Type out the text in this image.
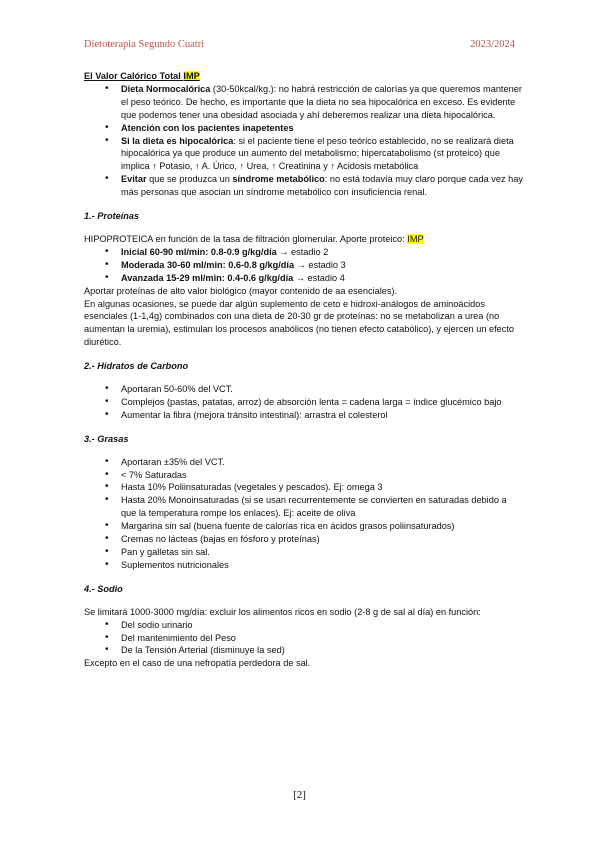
Dietoterapia Segundo Cuatri	2023/2024

El Valor Calórico Total IMP

• Dieta Normocalórica (30-50kcal/kg.): no habrá restricción de calorías ya que queremos mantener el peso teórico. De hecho, es importante que la dieta no sea hipocalórica en exceso. Es evidente que podemos tener una obesidad asociada y ahí deberemos realizar una dieta hipocalórica.
• Atención con los pacientes inapetentes
• Si la dieta es hipocalórica: si el paciente tiene el peso teórico establecido, no se realizará dieta hipocalórica ya que produce un aumento del metabolismo; hipercatabolismo (st proteico) que implica ↑ Potasio, ↑ A. Úrico, ↑ Urea, ↑ Creatinina y ↑ Acidosis metabólica
• Evitar que se produzca un síndrome metabólico: no está todavía muy claro porque cada vez hay más personas que asocian un síndrome metabólico con insuficiencia renal.

1.- Proteínas

HIPOPROTEICA en función de la tasa de filtración glomerular. Aporte proteico: IMP

• Inicial 60-90 ml/min: 0.8-0.9 g/kg/día → estadio 2
• Moderada 30-60 ml/min: 0.6-0.8 g/kg/día → estadio 3
• Avanzada 15-29 ml/min: 0.4-0.6 g/kg/día → estadio 4

Aportar proteínas de alto valor biológico (mayor contenido de aa esenciales).

En algunas ocasiones, se puede dar algún suplemento de ceto e hidroxi-análogos de aminoácidos esenciales (1-1,4g) combinados con una dieta de 20-30 gr de proteínas: no se metabolizan a urea (no aumentan la uremia), estimulan los procesos anabólicos (no tienen efecto catabólico), y ejercen un efecto diurético.

2.- Hidratos de Carbono

• Aportaran 50-60% del VCT.
• Complejos (pastas, patatas, arroz) de absorción lenta = cadena larga = índice glucémico bajo
• Aumentar la fibra (mejora tránsito intestinal): arrastra el colesterol

3.- Grasas

• Aportaran ±35% del VCT.
• < 7% Saturadas
• Hasta 10% Poliinsaturadas (vegetales y pescados). Ej: omega 3
• Hasta 20% Monoinsaturadas (si se usan recurrentemente se convierten en saturadas debido a que la temperatura rompe los enlaces). Ej: aceite de oliva
• Margarina sin sal (buena fuente de calorías rica en ácidos grasos poliinsaturados)
• Cremas no lácteas (bajas en fósforo y proteínas)
• Pan y galletas sin sal.
• Suplementos nutricionales

4.- Sodio

Se limitará 1000-3000 mg/día: excluir los alimentos ricos en sodio (2-8 g de sal al día) en función:

• Del sodio urinario
• Del mantenimiento del Peso
• De la Tensión Arterial (disminuye la sed)

Excepto en el caso de una nefropatía perdedora de sal.

[2]
